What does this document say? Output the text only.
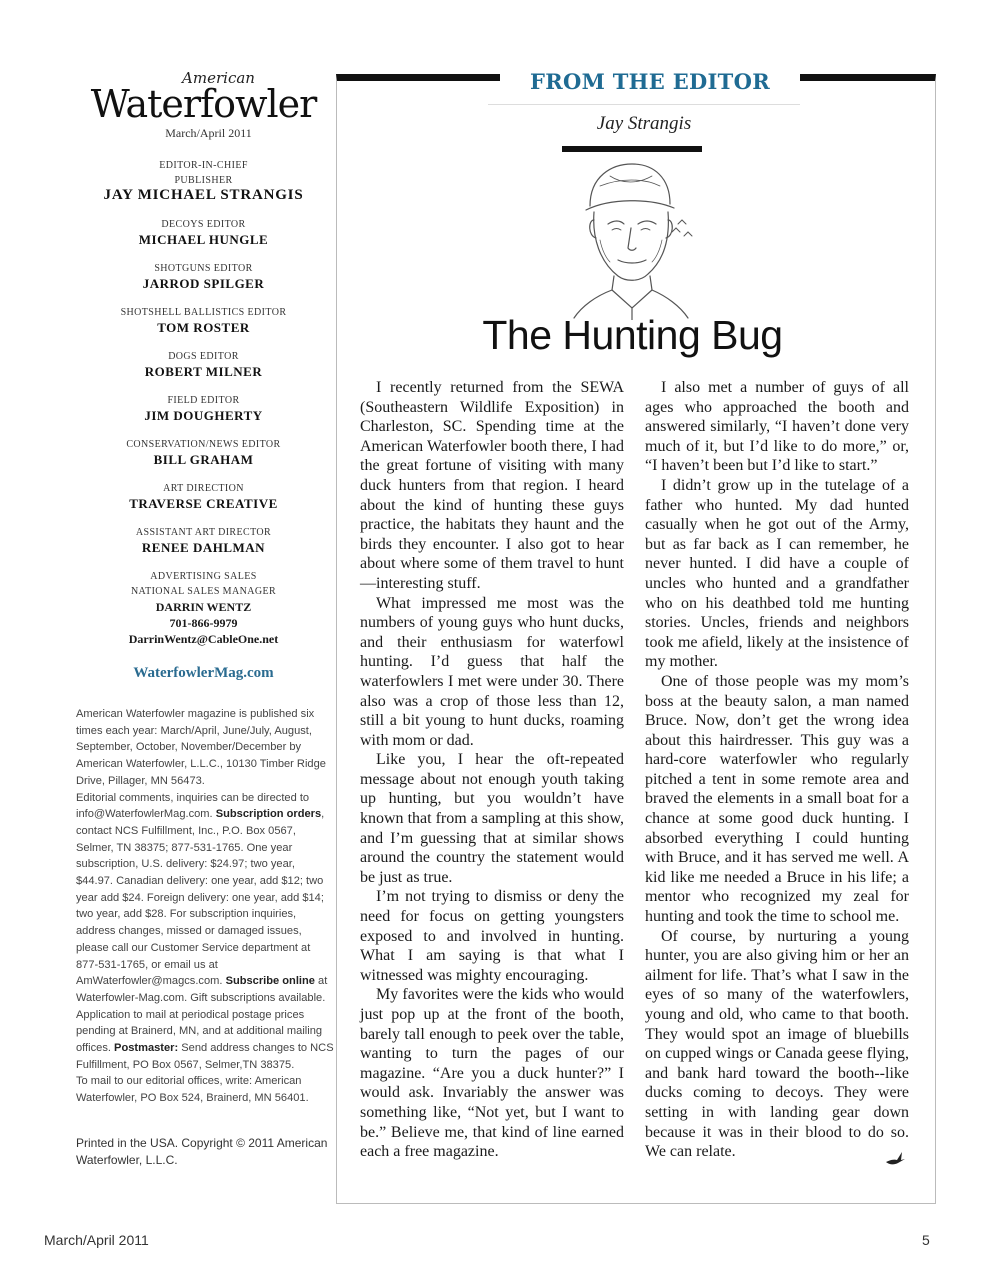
American
Waterfowler
March/April 2011
EDITOR-IN-CHIEF
PUBLISHER
JAY MICHAEL STRANGIS
DECOYS EDITOR
MICHAEL HUNGLE
SHOTGUNS EDITOR
JARROD SPILGER
SHOTSHELL BALLISTICS EDITOR
TOM ROSTER
DOGS EDITOR
ROBERT MILNER
FIELD EDITOR
JIM DOUGHERTY
CONSERVATION/NEWS EDITOR
BILL GRAHAM
ART DIRECTION
TRAVERSE CREATIVE
ASSISTANT ART DIRECTOR
RENEE DAHLMAN
ADVERTISING SALES
NATIONAL SALES MANAGER
DARRIN WENTZ
701-866-9979
DarrinWentz@CableOne.net
WaterfowlerMag.com

American Waterfowler magazine is published six times each year: March/April, June/July, August, September, October, November/December by American Waterfowler, L.L.C., 10130 Timber Ridge Drive, Pillager, MN 56473.

Editorial comments, inquiries can be directed to info@WaterfowlerMag.com. Subscription orders, contact NCS Fulfillment, Inc., P.O. Box 0567, Selmer, TN 38375; 877-531-1765. One year subscription, U.S. delivery: $24.97; two year, $44.97. Canadian delivery: one year, add $12; two year add $24. Foreign delivery: one year, add $14; two year, add $28. For subscription inquiries, address changes, missed or damaged issues, please call our Customer Service department at 877-531-1765, or email us at AmWaterfowler@magcs.com. Subscribe online at Waterfowler-Mag.com. Gift subscriptions available. Application to mail at periodical postage prices pending at Brainerd, MN, and at additional mailing offices. Postmaster: Send address changes to NCS Fulfillment, PO Box 0567, Selmer,TN 38375.

To mail to our editorial offices, write: American Waterfowler, PO Box 524, Brainerd, MN 56401.

Printed in the USA. Copyright © 2011 American Waterfowler, L.L.C.
FROM THE EDITOR
Jay Strangis
The Hunting Bug

I recently returned from the SEWA (Southeastern Wildlife Exposition) in Charleston, SC. Spending time at the American Waterfowler booth there, I had the great fortune of visiting with many duck hunters from that region. I heard about the kind of hunting these guys practice, the habitats they haunt and the birds they encounter. I also got to hear about where some of them travel to hunt—interesting stuff.

What impressed me most was the numbers of young guys who hunt ducks, and their enthusiasm for waterfowl hunting. I’d guess that half the waterfowlers I met were under 30. There also was a crop of those less than 12, still a bit young to hunt ducks, roaming with mom or dad.

Like you, I hear the oft-repeated message about not enough youth taking up hunting, but you wouldn’t have known that from a sampling at this show, and I’m guessing that at similar shows around the country the statement would be just as true.

I’m not trying to dismiss or deny the need for focus on getting youngsters exposed to and involved in hunting. What I am saying is that what I witnessed was mighty encouraging.

My favorites were the kids who would just pop up at the front of the booth, barely tall enough to peek over the table, wanting to turn the pages of our magazine. “Are you a duck hunter?” I would ask. Invariably the answer was something like, “Not yet, but I want to be.” Believe me, that kind of line earned each a free magazine.

I also met a number of guys of all ages who approached the booth and answered similarly, “I haven’t done very much of it, but I’d like to do more,” or, “I haven’t been but I’d like to start.”

I didn’t grow up in the tutelage of a father who hunted. My dad hunted casually when he got out of the Army, but as far back as I can remember, he never hunted. I did have a couple of uncles who hunted and a grandfather who on his deathbed told me hunting stories. Uncles, friends and neighbors took me afield, likely at the insistence of my mother.

One of those people was my mom’s boss at the beauty salon, a man named Bruce. Now, don’t get the wrong idea about this hairdresser. This guy was a hard-core waterfowler who regularly pitched a tent in some remote area and braved the elements in a small boat for a chance at some good duck hunting. I absorbed everything I could hunting with Bruce, and it has served me well. A kid like me needed a Bruce in his life; a mentor who recognized my zeal for hunting and took the time to school me.

Of course, by nurturing a young hunter, you are also giving him or her an ailment for life. That’s what I saw in the eyes of so many of the waterfowlers, young and old, who came to that booth. They would spot an image of bluebills on cupped wings or Canada geese flying, and bank hard toward the booth--like ducks coming to decoys. They were setting in with landing gear down because it was in their blood to do so. We can relate.

March/April 2011	5
